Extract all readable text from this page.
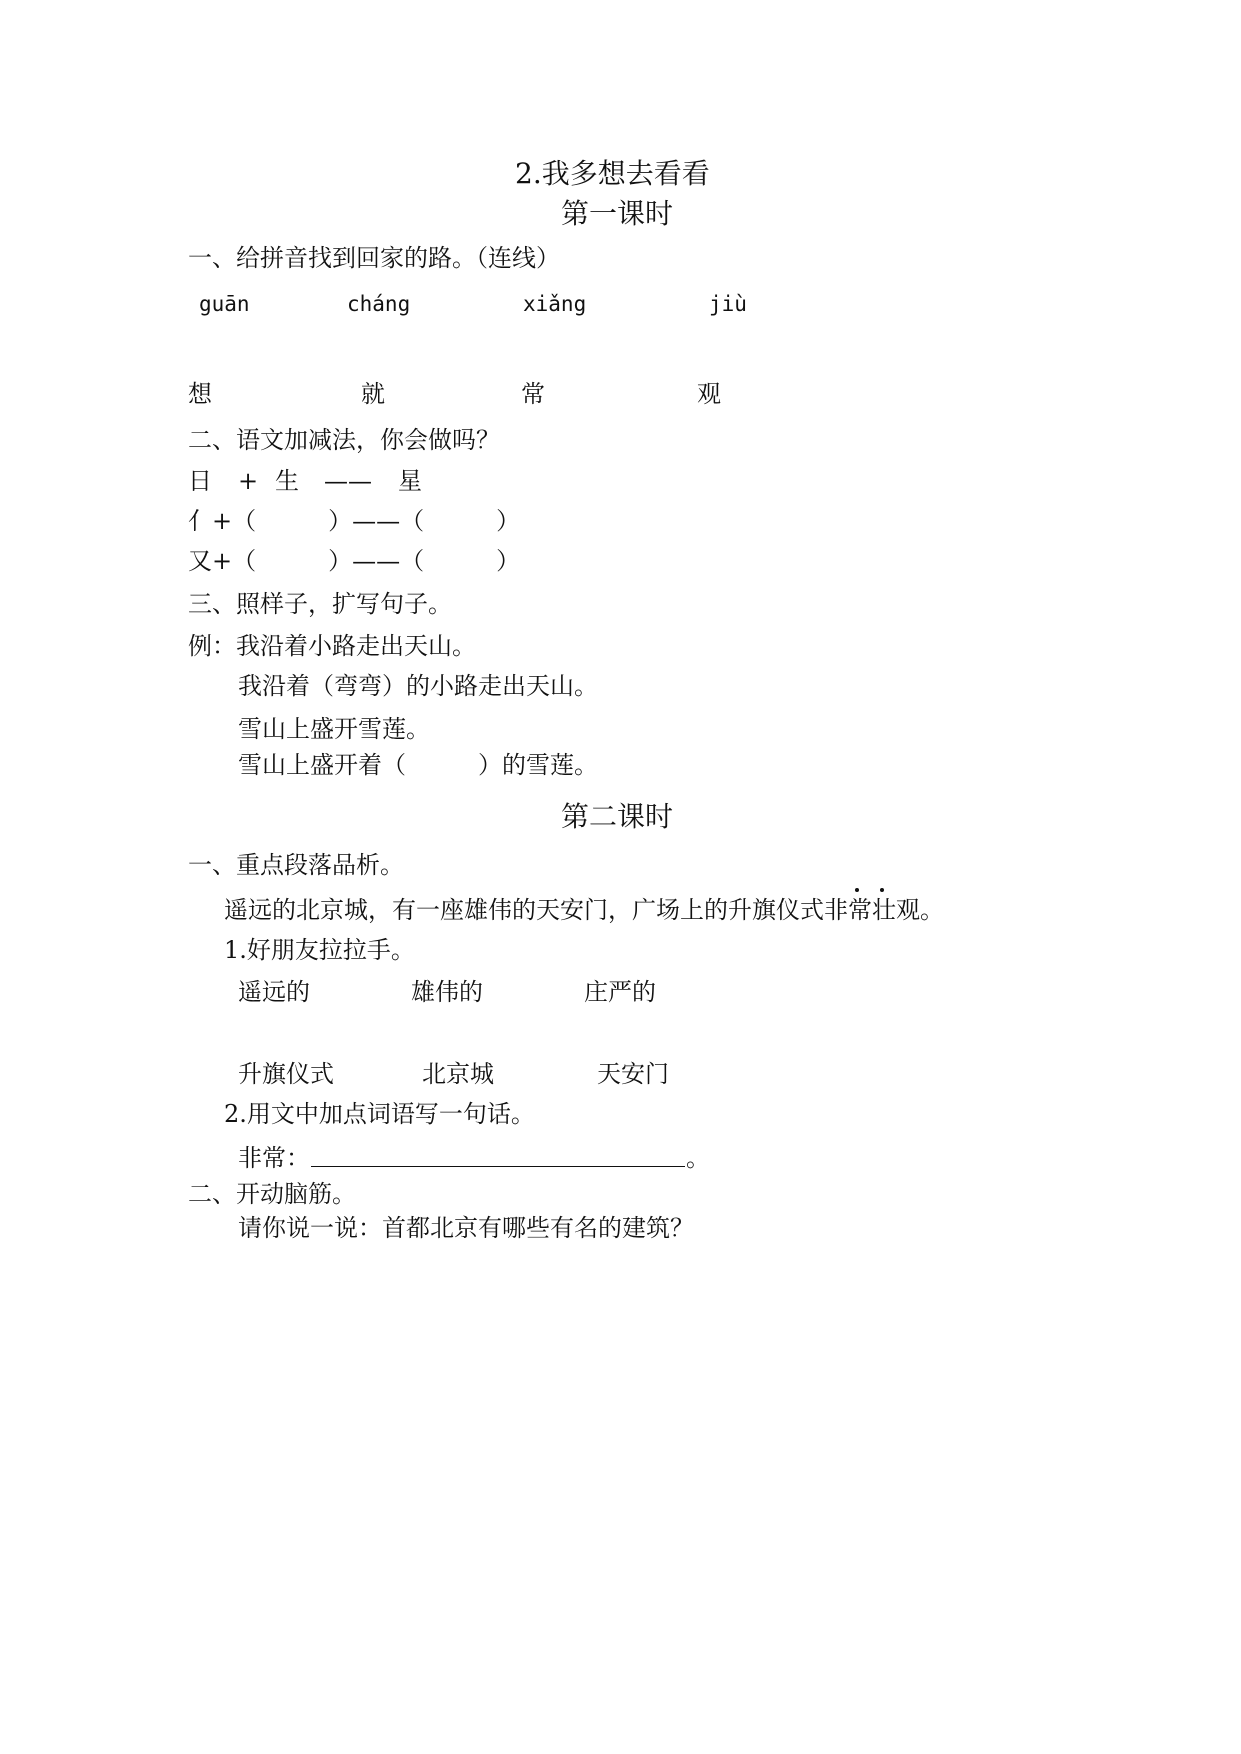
2.我多想去看看
第一课时
一、给拼音找到回家的路。（连线）
guān	cháng	xiǎng	jiù
想	就	常	观
二、语文加减法，你会做吗？
日 + 生 —— 星
亻+（　　　）——（　　　）
又+（　　　）——（　　　）
三、照样子，扩写句子。
例：我沿着小路走出天山。
我沿着（弯弯）的小路走出天山。
雪山上盛开雪莲。
雪山上盛开着（　　　）的雪莲。
第二课时
一、重点段落品析。
遥远的北京城，有一座雄伟的天安门，广场上的升旗仪式非常壮观。
1.好朋友拉拉手。
遥远的	雄伟的	庄严的
升旗仪式	北京城	天安门
2.用文中加点词语写一句话。
非常：	。
二、开动脑筋。
请你说一说：首都北京有哪些有名的建筑？
